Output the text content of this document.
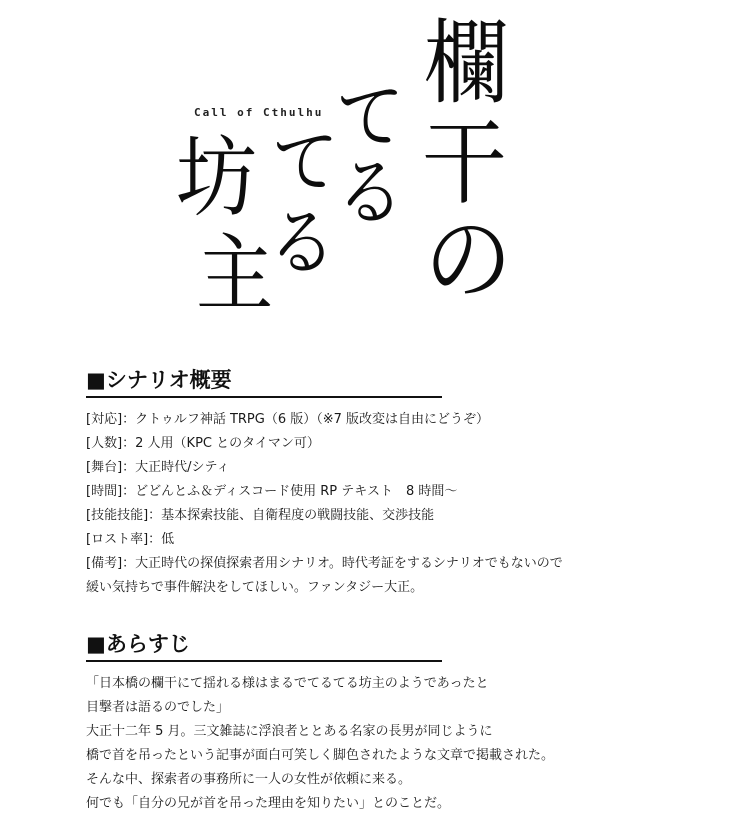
欄
干
の
て
る
て
る
坊
主
Call of Cthulhu
■シナリオ概要
[対応]：クトゥルフ神話 TRPG（6 版）（※7 版改変は自由にどうぞ）
[人数]：2 人用（KPC とのタイマン可）
[舞台]：大正時代/シティ
[時間]：どどんとふ＆ディスコード使用 RP テキスト　8 時間～
[技能技能]：基本探索技能、自衛程度の戦闘技能、交渉技能
[ロスト率]：低
[備考]：大正時代の探偵探索者用シナリオ。時代考証をするシナリオでもないので
緩い気持ちで事件解決をしてほしい。ファンタジー大正。
■あらすじ
「日本橋の欄干にて揺れる様はまるでてるてる坊主のようであったと
目撃者は語るのでした」
大正十二年 5 月。三文雑誌に浮浪者ととある名家の長男が同じように
橋で首を吊ったという記事が面白可笑しく脚色されたような文章で掲載された。
そんな中、探索者の事務所に一人の女性が依頼に来る。
何でも「自分の兄が首を吊った理由を知りたい」とのことだ。
